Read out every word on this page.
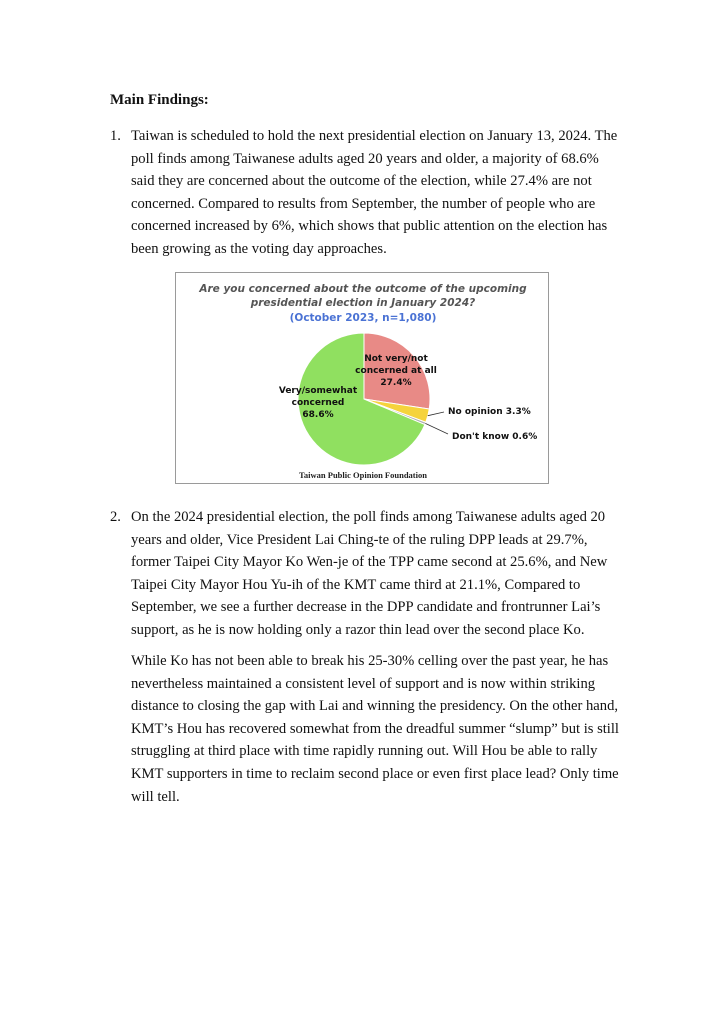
Main Findings:
1. Taiwan is scheduled to hold the next presidential election on January 13, 2024. The poll finds among Taiwanese adults aged 20 years and older, a majority of 68.6% said they are concerned about the outcome of the election, while 27.4% are not concerned. Compared to results from September, the number of people who are concerned increased by 6%, which shows that public attention on the election has been growing as the voting day approaches.

Are you concerned about the outcome of the upcoming
presidential election in January 2024?
(October 2023, n=1,080)
Not very/not
concerned at all
27.4%
Very/somewhat
concerned
68.6%	No opinion 3.3%
Don't know 0.6%
Taiwan Public Opinion Foundation
2. On the 2024 presidential election, the poll finds among Taiwanese adults aged 20 years and older, Vice President Lai Ching-te of the ruling DPP leads at 29.7%, former Taipei City Mayor Ko Wen-je of the TPP came second at 25.6%, and New Taipei City Mayor Hou Yu-ih of the KMT came third at 21.1%, Compared to September, we see a further decrease in the DPP candidate and frontrunner Lai’s support, as he is now holding only a razor thin lead over the second place Ko.

While Ko has not been able to break his 25-30% celling over the past year, he has nevertheless maintained a consistent level of support and is now within striking distance to closing the gap with Lai and winning the presidency. On the other hand, KMT’s Hou has recovered somewhat from the dreadful summer “slump” but is still struggling at third place with time rapidly running out. Will Hou be able to rally KMT supporters in time to reclaim second place or even first place lead? Only time will tell.
